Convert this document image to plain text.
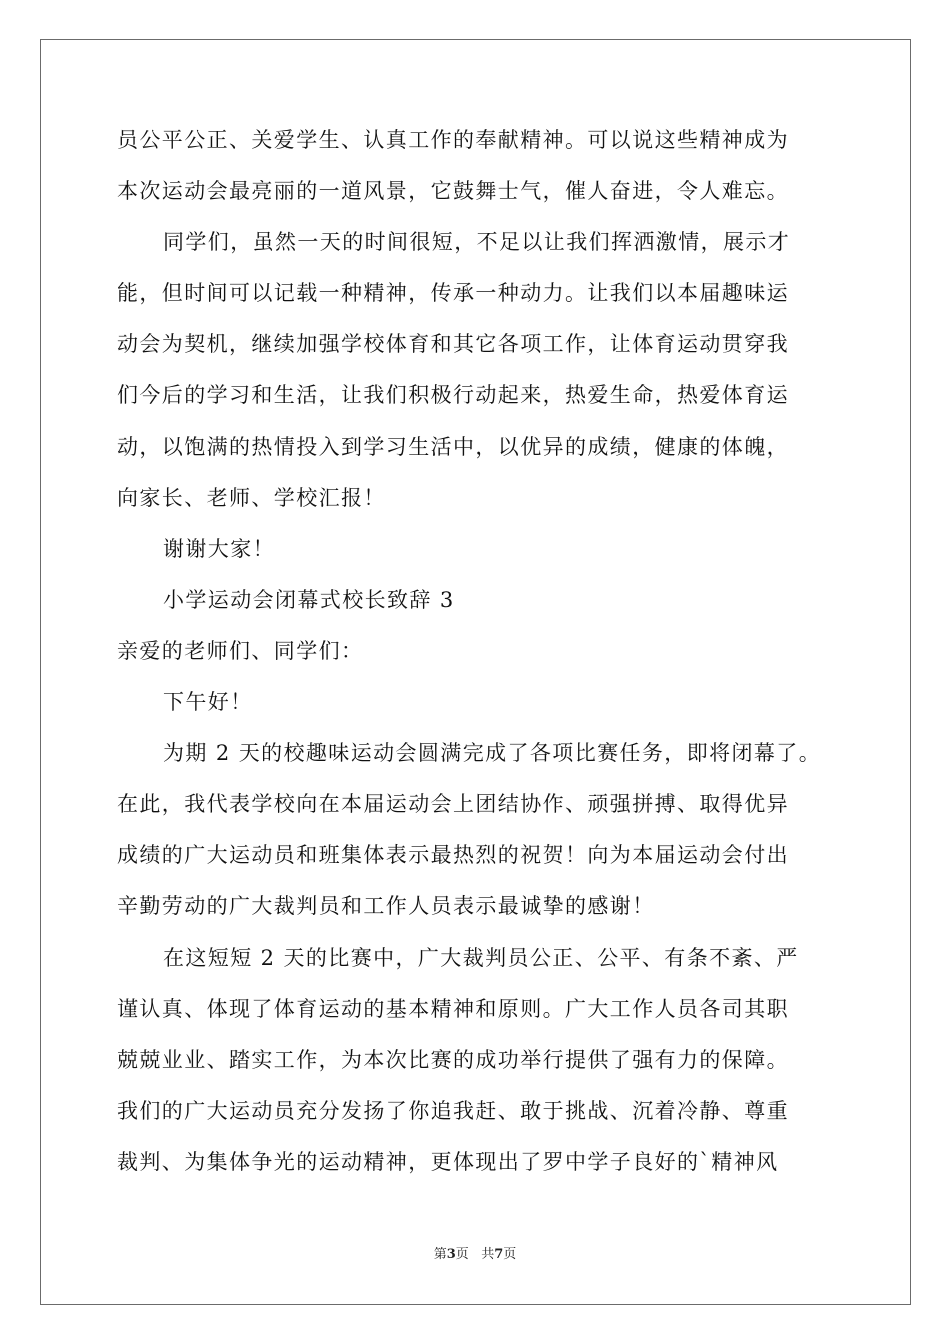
员公平公正、关爱学生、认真工作的奉献精神。可以说这些精神成为
本次运动会最亮丽的一道风景，它鼓舞士气，催人奋进，令人难忘。
同学们，虽然一天的时间很短，不足以让我们挥洒激情，展示才
能，但时间可以记载一种精神，传承一种动力。让我们以本届趣味运
动会为契机，继续加强学校体育和其它各项工作，让体育运动贯穿我
们今后的学习和生活，让我们积极行动起来，热爱生命，热爱体育运
动，以饱满的热情投入到学习生活中，以优异的成绩，健康的体魄，
向家长、老师、学校汇报！
谢谢大家！
小学运动会闭幕式校长致辞 3
亲爱的老师们、同学们：
下午好！
为期 2 天的校趣味运动会圆满完成了各项比赛任务，即将闭幕了。
在此，我代表学校向在本届运动会上团结协作、顽强拼搏、取得优异
成绩的广大运动员和班集体表示最热烈的祝贺！向为本届运动会付出
辛勤劳动的广大裁判员和工作人员表示最诚挚的感谢！
在这短短 2 天的比赛中，广大裁判员公正、公平、有条不紊、严
谨认真、体现了体育运动的基本精神和原则。广大工作人员各司其职
兢兢业业、踏实工作，为本次比赛的成功举行提供了强有力的保障。
我们的广大运动员充分发扬了你追我赶、敢于挑战、沉着冷静、尊重
裁判、为集体争光的运动精神，更体现出了罗中学子良好的`精神风
第3页 共7页
